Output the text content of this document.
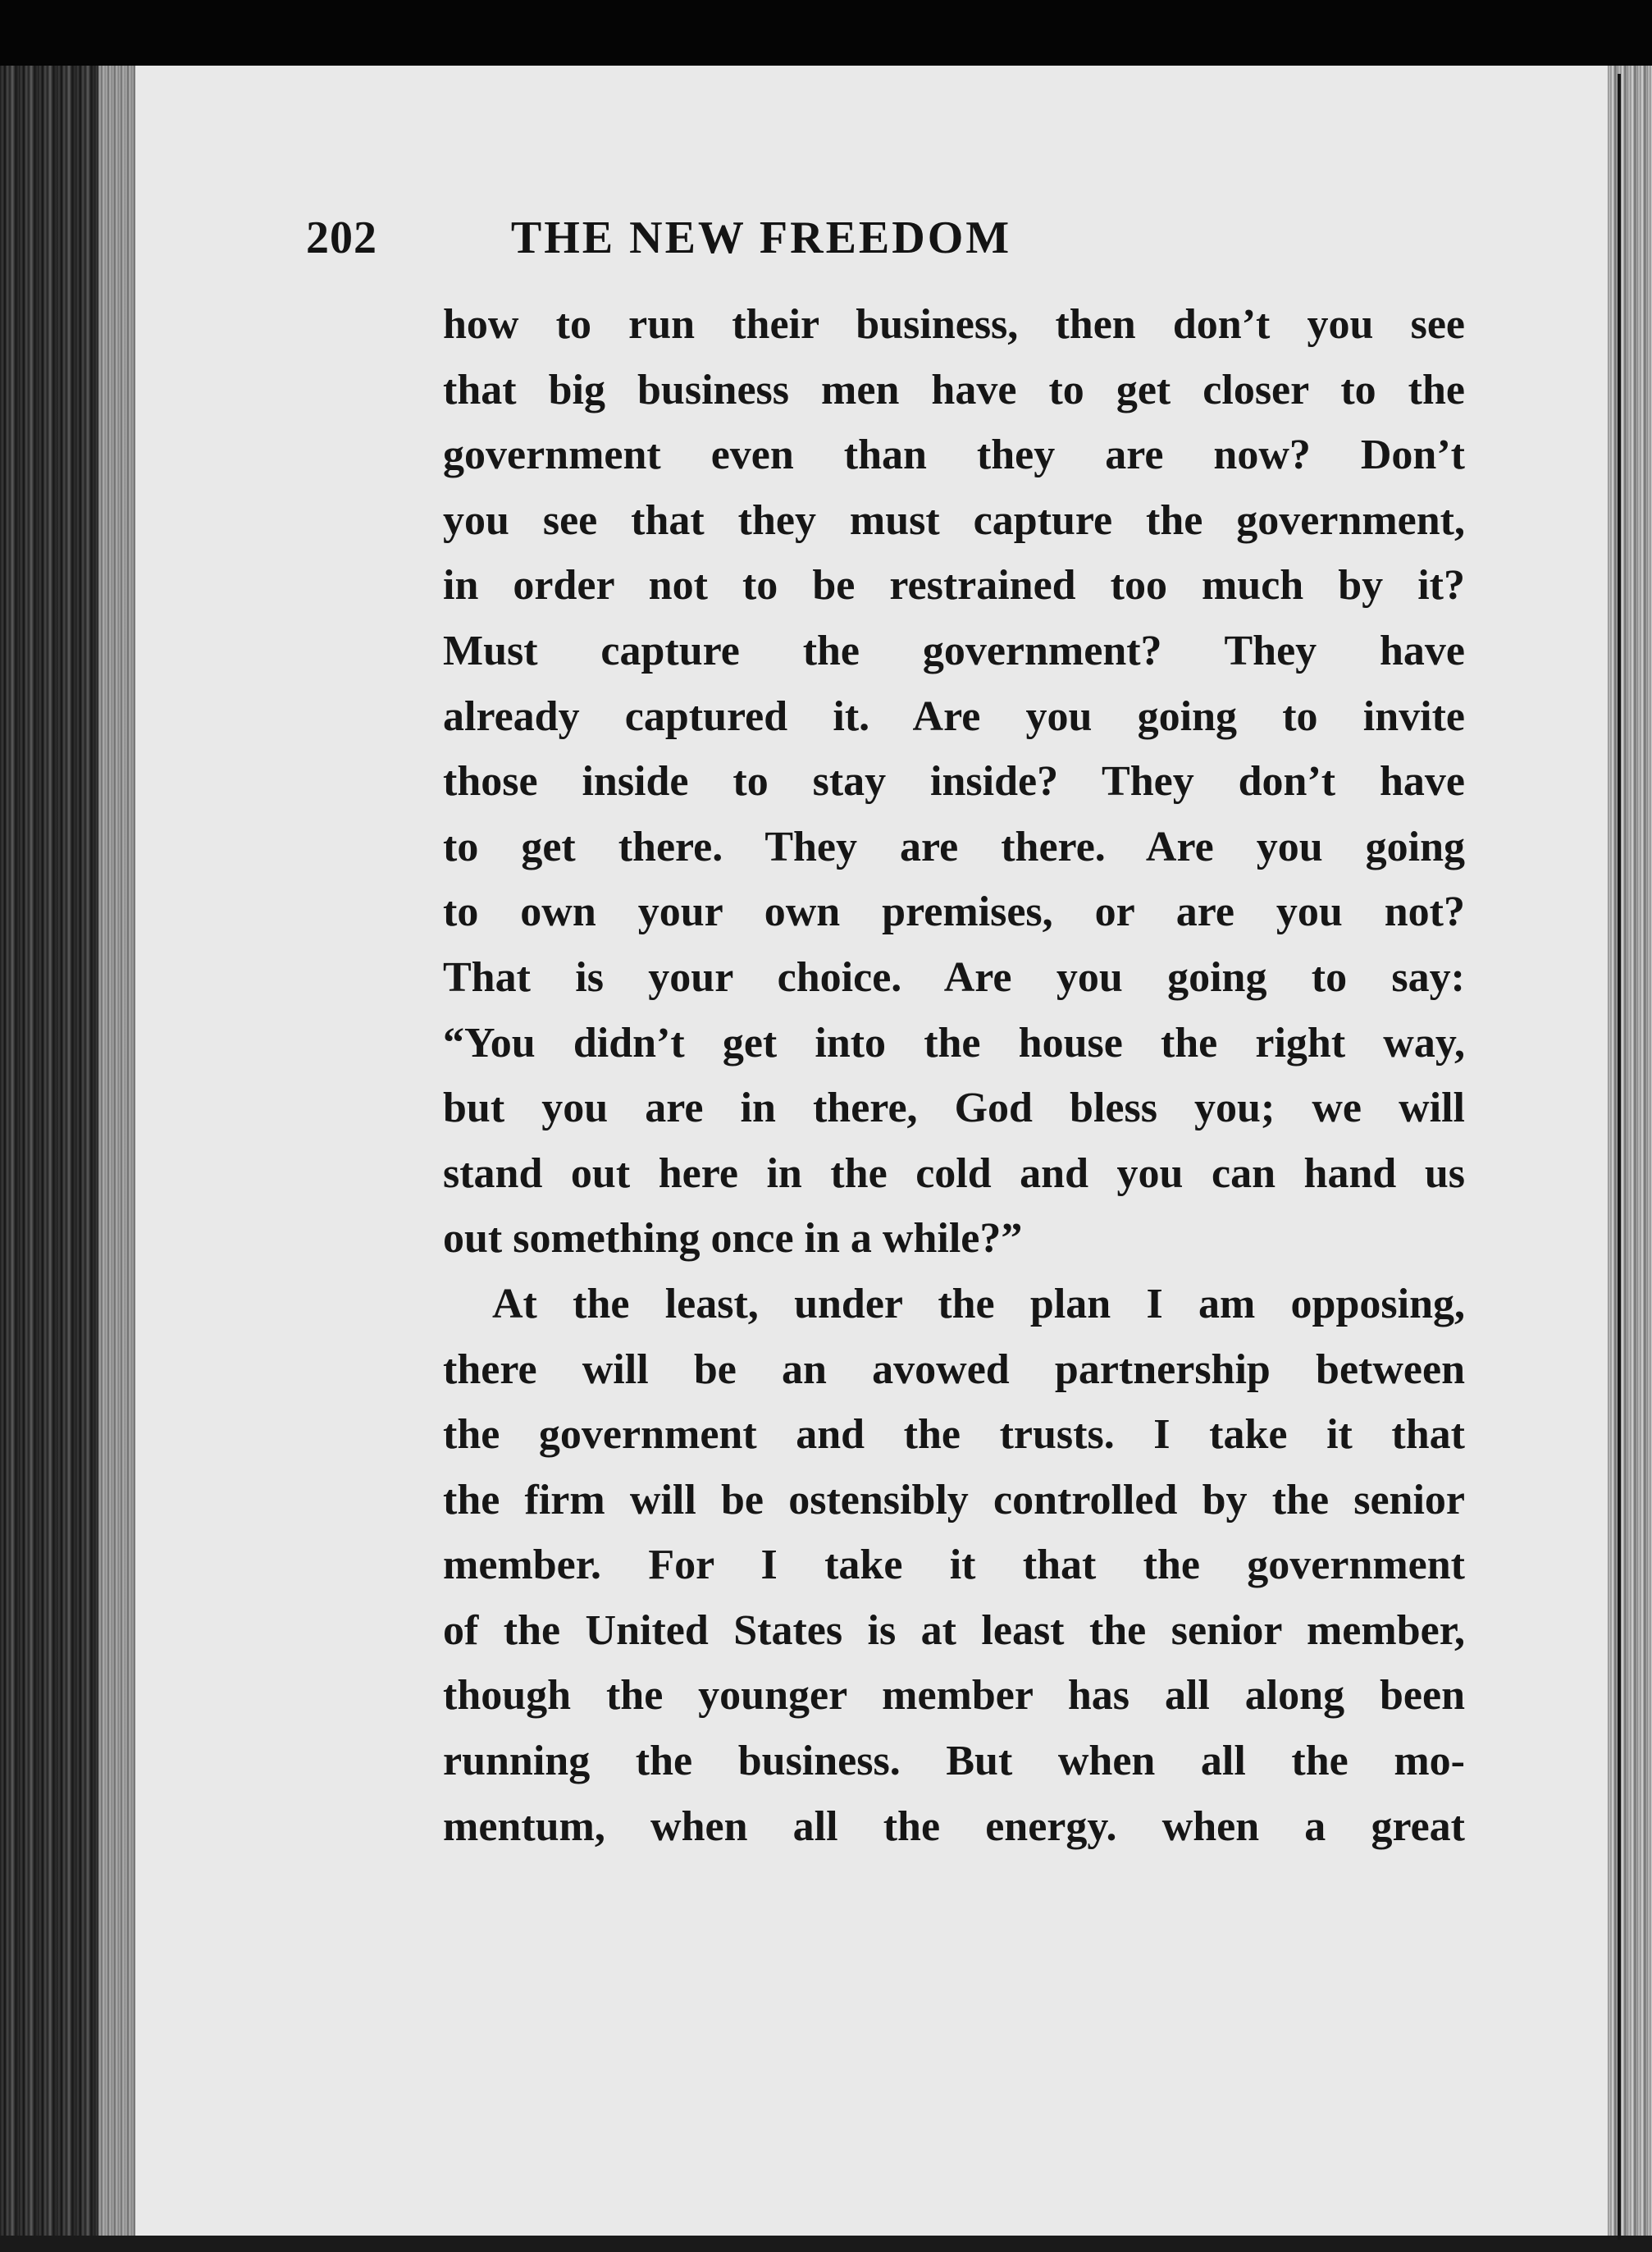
202	THE NEW FREEDOM
how to run their business, then don’t you see
that big business men have to get closer to the
government even than they are now? Don’t
you see that they must capture the government,
in order not to be restrained too much by it?
Must capture the government? They have
already captured it. Are you going to invite
those inside to stay inside? They don’t have
to get there. They are there. Are you going
to own your own premises, or are you not?
That is your choice. Are you going to say:
“You didn’t get into the house the right way,
but you are in there, God bless you; we will
stand out here in the cold and you can hand us
out something once in a while?”
At the least, under the plan I am opposing,
there will be an avowed partnership between
the government and the trusts. I take it that
the firm will be ostensibly controlled by the senior
member. For I take it that the government
of the United States is at least the senior member,
though the younger member has all along been
running the business. But when all the mo-
mentum, when all the energy. when a great
